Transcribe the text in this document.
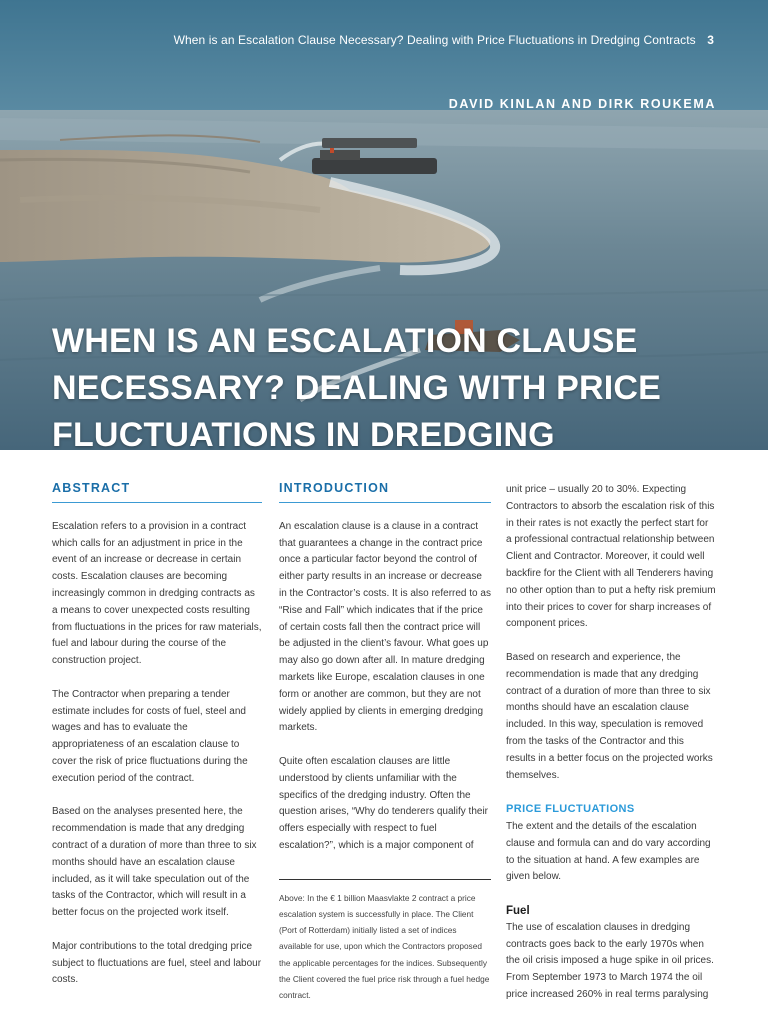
When is an Escalation Clause Necessary? Dealing with Price Fluctuations in Dredging Contracts 3
DAVID KINLAN AND DIRK ROUKEMA
WHEN IS AN ESCALATION CLAUSE
NECESSARY? DEALING WITH PRICE
FLUCTUATIONS IN DREDGING
ABSTRACT

Escalation refers to a provision in a contract which calls for an adjustment in price in the event of an increase or decrease in certain costs. Escalation clauses are becoming increasingly common in dredging contracts as a means to cover unexpected costs resulting from fluctuations in the prices for raw materials, fuel and labour during the course of the construction project.

The Contractor when preparing a tender estimate includes for costs of fuel, steel and wages and has to evaluate the appropriateness of an escalation clause to cover the risk of price fluctuations during the execution period of the contract.

Based on the analyses presented here, the recommendation is made that any dredging contract of a duration of more than three to six months should have an escalation clause included, as it will take speculation out of the tasks of the Contractor, which will result in a better focus on the projected work itself.

Major contributions to the total dredging price subject to fluctuations are fuel, steel and labour costs.

INTRODUCTION

An escalation clause is a clause in a contract that guarantees a change in the contract price once a particular factor beyond the control of either party results in an increase or decrease in the Contractor’s costs. It is also referred to as “Rise and Fall” which indicates that if the price of certain costs fall then the contract price will be adjusted in the client’s favour. What goes up may also go down after all. In mature dredging markets like Europe, escalation clauses in one form or another are common, but they are not widely applied by clients in emerging dredging markets.

Quite often escalation clauses are little understood by clients unfamiliar with the specifics of the dredging industry. Often the question arises, “Why do tenderers qualify their offers especially with respect to fuel escalation?”, which is a major component of

Above: In the € 1 billion Maasvlakte 2 contract a price escalation system is successfully in place. The Client (Port of Rotterdam) initially listed a set of indices available for use, upon which the Contractors proposed the applicable percentages for the indices. Subsequently the Client covered the fuel price risk through a fuel hedge contract.

unit price – usually 20 to 30%. Expecting Contractors to absorb the escalation risk of this in their rates is not exactly the perfect start for a professional contractual relationship between Client and Contractor. Moreover, it could well backfire for the Client with all Tenderers having no other option than to put a hefty risk premium into their prices to cover for sharp increases of component prices.

Based on research and experience, the recommendation is made that any dredging contract of a duration of more than three to six months should have an escalation clause included. In this way, speculation is removed from the tasks of the Contractor and this results in a better focus on the projected works themselves.

PRICE FLUCTUATIONS

The extent and the details of the escalation clause and formula can and do vary according to the situation at hand. A few examples are given below.

Fuel

The use of escalation clauses in dredging contracts goes back to the early 1970s when the oil crisis imposed a huge spike in oil prices. From September 1973 to March 1974 the oil price increased 260% in real terms paralysing
